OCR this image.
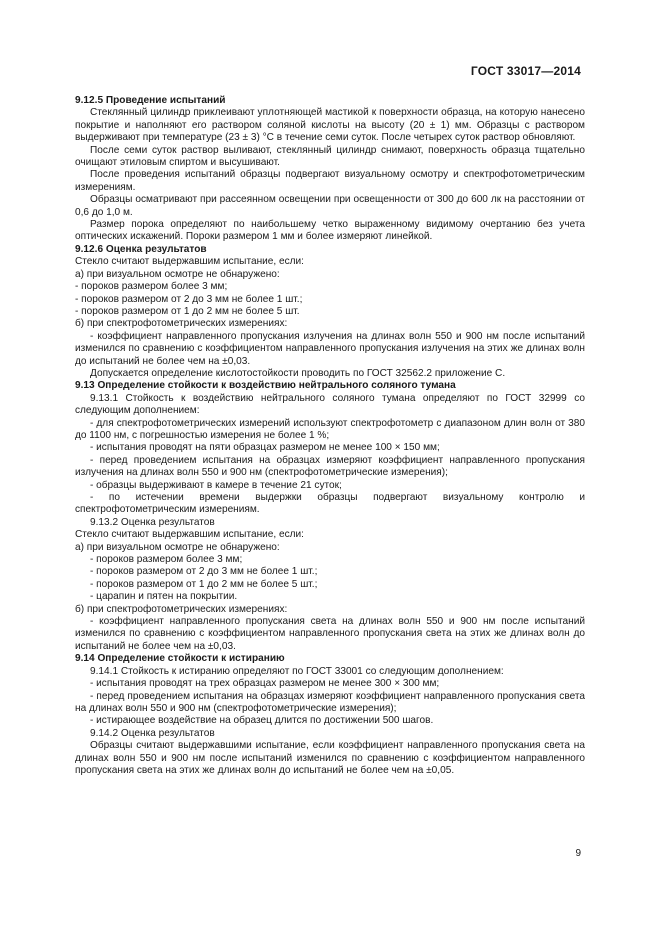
ГОСТ 33017—2014

9.12.5 Проведение испытаний

Стеклянный цилиндр приклеивают уплотняющей мастикой к поверхности образца, на которую нанесено покрытие и наполняют его раствором соляной кислоты на высоту (20 ± 1) мм. Образцы с раствором выдерживают при температуре (23 ± 3) °С в течение семи суток. После четырех суток раствор обновляют.

После семи суток раствор выливают, стеклянный цилиндр снимают, поверхность образца тщательно очищают этиловым спиртом и высушивают.

После проведения испытаний образцы подвергают визуальному осмотру и спектрофотометрическим измерениям.

Образцы осматривают при рассеянном освещении при освещенности от 300 до 600 лк на расстоянии от 0,6 до 1,0 м.

Размер порока определяют по наибольшему четко выраженному видимому очертанию без учета оптических искажений. Пороки размером 1 мм и более измеряют линейкой.

9.12.6 Оценка результатов

Стекло считают выдержавшим испытание, если:

а) при визуальном осмотре не обнаружено:

- пороков размером более 3 мм;

- пороков размером от 2 до 3 мм не более 1 шт.;

- пороков размером от 1 до 2 мм не более 5 шт.

б) при спектрофотометрических измерениях:

- коэффициент направленного пропускания излучения на длинах волн 550 и 900 нм после испытаний изменился по сравнению с коэффициентом направленного пропускания излучения на этих же длинах волн до испытаний не более чем на ±0,03.

Допускается определение кислотостойкости проводить по ГОСТ 32562.2 приложение С.

9.13 Определение стойкости к воздействию нейтрального соляного тумана

9.13.1 Стойкость к воздействию нейтрального соляного тумана определяют по ГОСТ 32999 со следующим дополнением:

- для спектрофотометрических измерений используют спектрофотометр с диапазоном длин волн от 380 до 1100 нм, с погрешностью измерения не более 1 %;

- испытания проводят на пяти образцах размером не менее 100 × 150 мм;

- перед проведением испытания на образцах измеряют коэффициент направленного пропускания излучения на длинах волн 550 и 900 нм (спектрофотометрические измерения);

- образцы выдерживают в камере в течение 21 суток;

- по истечении времени выдержки образцы подвергают визуальному контролю и спектрофотометрическим измерениям.

9.13.2 Оценка результатов

Стекло считают выдержавшим испытание, если:

а) при визуальном осмотре не обнаружено:

- пороков размером более 3 мм;

- пороков размером от 2 до 3 мм не более 1 шт.;

- пороков размером от 1 до 2 мм не более 5 шт.;

- царапин и пятен на покрытии.

б) при спектрофотометрических измерениях:

- коэффициент направленного пропускания света на длинах волн 550 и 900 нм после испытаний изменился по сравнению с коэффициентом направленного пропускания света на этих же длинах волн до испытаний не более чем на ±0,03.

9.14 Определение стойкости к истиранию

9.14.1 Стойкость к истиранию определяют по ГОСТ 33001 со следующим дополнением:

- испытания проводят на трех образцах размером не менее 300 × 300 мм;

- перед проведением испытания на образцах измеряют коэффициент направленного пропускания света на длинах волн 550 и 900 нм (спектрофотометрические измерения);

- истирающее воздействие на образец длится по достижении 500 шагов.

9.14.2 Оценка результатов

Образцы считают выдержавшими испытание, если коэффициент направленного пропускания света на длинах волн 550 и 900 нм после испытаний изменился по сравнению с коэффициентом направленного пропускания света на этих же длинах волн до испытаний не более чем на ±0,05.

9
